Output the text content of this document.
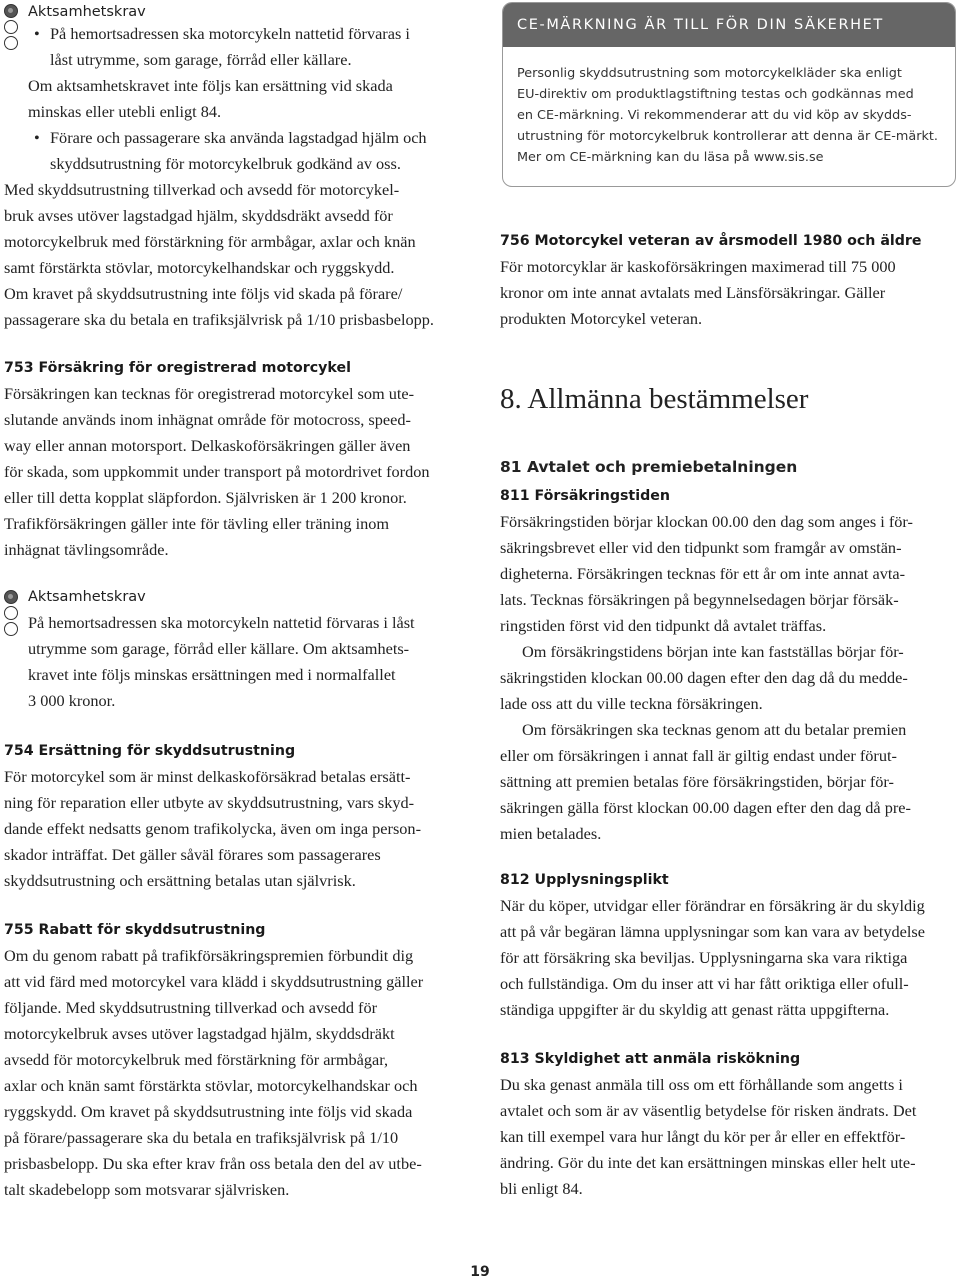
Aktsamhetskrav
• På hemortsadressen ska motorcykeln nattetid förvaras i
låst utrymme, som garage, förråd eller källare.
Om aktsamhetskravet inte följs kan ersättning vid skada
minskas eller utebli enligt 84.
• Förare och passagerare ska använda lagstadgad hjälm och
skyddsutrustning för motorcykelbruk godkänd av oss.
Med skyddsutrustning tillverkad och avsedd för motorcykel-
bruk avses utöver lagstadgad hjälm, skyddsdräkt avsedd för
motorcykelbruk med förstärkning för armbågar, axlar och knän
samt förstärkta stövlar, motorcykelhandskar och ryggskydd.
Om kravet på skyddsutrustning inte följs vid skada på förare/
passagerare ska du betala en trafiksjälvrisk på 1/10 prisbasbelopp.
CE-MÄRKNING ÄR TILL FÖR DIN SÄKERHET
Personlig skyddsutrustning som motorcykelkläder ska enligt
EU-direktiv om produktlagstiftning testas och godkännas med
en CE-märkning. Vi rekommenderar att du vid köp av skydds-
utrustning för motorcykelbruk kontrollerar att denna är CE-märkt.
Mer om CE-märkning kan du läsa på www.sis.se
756 Motorcykel veteran av årsmodell 1980 och äldre
För motorcyklar är kaskoförsäkringen maximerad till 75 000
kronor om inte annat avtalats med Länsförsäkringar. Gäller
produkten Motorcykel veteran.
753 Försäkring för oregistrerad motorcykel
Försäkringen kan tecknas för oregistrerad motorcykel som ute-
slutande används inom inhägnat område för motocross, speed-
way eller annan motorsport. Delkaskoförsäkringen gäller även
för skada, som uppkommit under transport på motordrivet fordon
eller till detta kopplat släpfordon. Självrisken är 1 200 kronor.
Trafikförsäkringen gäller inte för tävling eller träning inom
inhägnat tävlingsområde.
Aktsamhetskrav
På hemortsadressen ska motorcykeln nattetid förvaras i låst
utrymme som garage, förråd eller källare. Om aktsamhets-
kravet inte följs minskas ersättningen med i normalfallet
3 000 kronor.
754 Ersättning för skyddsutrustning
För motorcykel som är minst delkaskoförsäkrad betalas ersätt-
ning för reparation eller utbyte av skyddsutrustning, vars skyd-
dande effekt nedsatts genom trafikolycka, även om inga person-
skador inträffat. Det gäller såväl förares som passagerares
skyddsutrustning och ersättning betalas utan självrisk.
755 Rabatt för skyddsutrustning
Om du genom rabatt på trafikförsäkringspremien förbundit dig
att vid färd med motorcykel vara klädd i skyddsutrustning gäller
följande. Med skyddsutrustning tillverkad och avsedd för
motorcykelbruk avses utöver lagstadgad hjälm, skyddsdräkt
avsedd för motorcykelbruk med förstärkning för armbågar,
axlar och knän samt förstärkta stövlar, motorcykelhandskar och
ryggskydd. Om kravet på skyddsutrustning inte följs vid skada
på förare/passagerare ska du betala en trafiksjälvrisk på 1/10
prisbasbelopp. Du ska efter krav från oss betala den del av utbe-
talt skadebelopp som motsvarar självrisken.
8. Allmänna bestämmelser
81 Avtalet och premiebetalningen
811 Försäkringstiden
Försäkringstiden börjar klockan 00.00 den dag som anges i för-
säkringsbrevet eller vid den tidpunkt som framgår av omstän-
digheterna. Försäkringen tecknas för ett år om inte annat avta-
lats. Tecknas försäkringen på begynnelsedagen börjar försäk-
ringstiden först vid den tidpunkt då avtalet träffas.
Om försäkringstidens början inte kan fastställas börjar för-
säkringstiden klockan 00.00 dagen efter den dag då du medde-
lade oss att du ville teckna försäkringen.
Om försäkringen ska tecknas genom att du betalar premien
eller om försäkringen i annat fall är giltig endast under förut-
sättning att premien betalas före försäkringstiden, börjar för-
säkringen gälla först klockan 00.00 dagen efter den dag då pre-
mien betalades.
812 Upplysningsplikt
När du köper, utvidgar eller förändrar en försäkring är du skyldig
att på vår begäran lämna upplysningar som kan vara av betydelse
för att försäkring ska beviljas. Upplysningarna ska vara riktiga
och fullständiga. Om du inser att vi har fått oriktiga eller ofull-
ständiga uppgifter är du skyldig att genast rätta uppgifterna.
813 Skyldighet att anmäla riskökning
Du ska genast anmäla till oss om ett förhållande som angetts i
avtalet och som är av väsentlig betydelse för risken ändrats. Det
kan till exempel vara hur långt du kör per år eller en effektför-
ändring. Gör du inte det kan ersättningen minskas eller helt ute-
bli enligt 84.
19
